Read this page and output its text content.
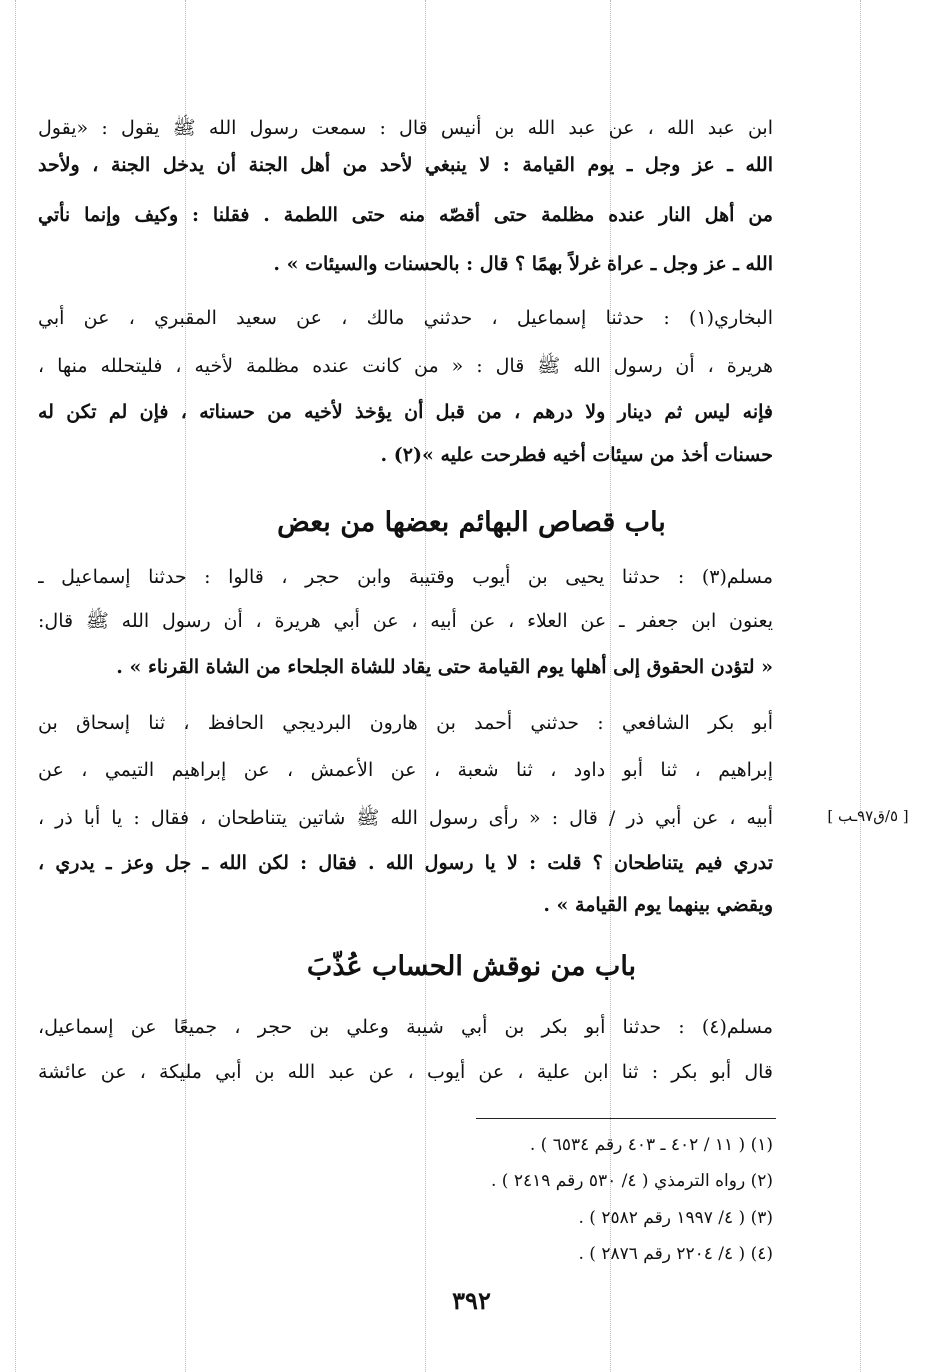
ابن عبد الله ، عن عبد الله بن أنيس قال : سمعت رسول الله ﷺ يقول : «يقول
الله ـ عز وجل ـ يوم القيامة : لا ينبغي لأحد من أهل الجنة أن يدخل الجنة ، ولأحد
من أهل النار عنده مظلمة حتى أقصّه منه حتى اللطمة . فقلنا : وكيف وإنما نأتي
الله ـ عز وجل ـ عراة غرلاً بهمًا ؟ قال : بالحسنات والسيئات » .
البخاري(١) : حدثنا إسماعيل ، حدثني مالك ، عن سعيد المقبري ، عن أبي
هريرة ، أن رسول الله ﷺ قال : « من كانت عنده مظلمة لأخيه ، فليتحلله منها ،
فإنه ليس ثم دينار ولا درهم ، من قبل أن يؤخذ لأخيه من حسناته ، فإن لم تكن له
حسنات أخذ من سيئات أخيه فطرحت عليه »(٢) .
باب قصاص البهائم بعضها من بعض
مسلم(٣) : حدثنا يحيى بن أيوب وقتيبة وابن حجر ، قالوا : حدثنا إسماعيل ـ
يعنون ابن جعفر ـ عن العلاء ، عن أبيه ، عن أبي هريرة ، أن رسول الله ﷺ قال:
« لتؤدن الحقوق إلى أهلها يوم القيامة حتى يقاد للشاة الجلحاء من الشاة القرناء » .
أبو بكر الشافعي : حدثني أحمد بن هارون البرديجي الحافظ ، ثنا إسحاق بن
إبراهيم ، ثنا أبو داود ، ثنا شعبة ، عن الأعمش ، عن إبراهيم التيمي ، عن
أبيه ، عن أبي ذر / قال : « رأى رسول الله ﷺ شاتين يتناطحان ، فقال : يا أبا ذر ،
تدري فيم يتناطحان ؟ قلت : لا يا رسول الله . فقال : لكن الله ـ جل وعز ـ يدري ،
ويقضي بينهما يوم القيامة » .
[ ٥/ق٩٧ـب ]
باب من نوقش الحساب عُذّبَ
مسلم(٤) : حدثنا أبو بكر بن أبي شيبة وعلي بن حجر ، جميعًا عن إسماعيل،
قال أبو بكر : ثنا ابن علية ، عن أيوب ، عن عبد الله بن أبي مليكة ، عن عائشة
(١) ( ١١ / ٤٠٢ ـ ٤٠٣ رقم ٦٥٣٤ ) .
(٢) رواه الترمذي ( ٤/ ٥٣٠ رقم ٢٤١٩ ) .
(٣) ( ٤/ ١٩٩٧ رقم ٢٥٨٢ ) .
(٤) ( ٤/ ٢٢٠٤ رقم ٢٨٧٦ ) .
٣٩٢
